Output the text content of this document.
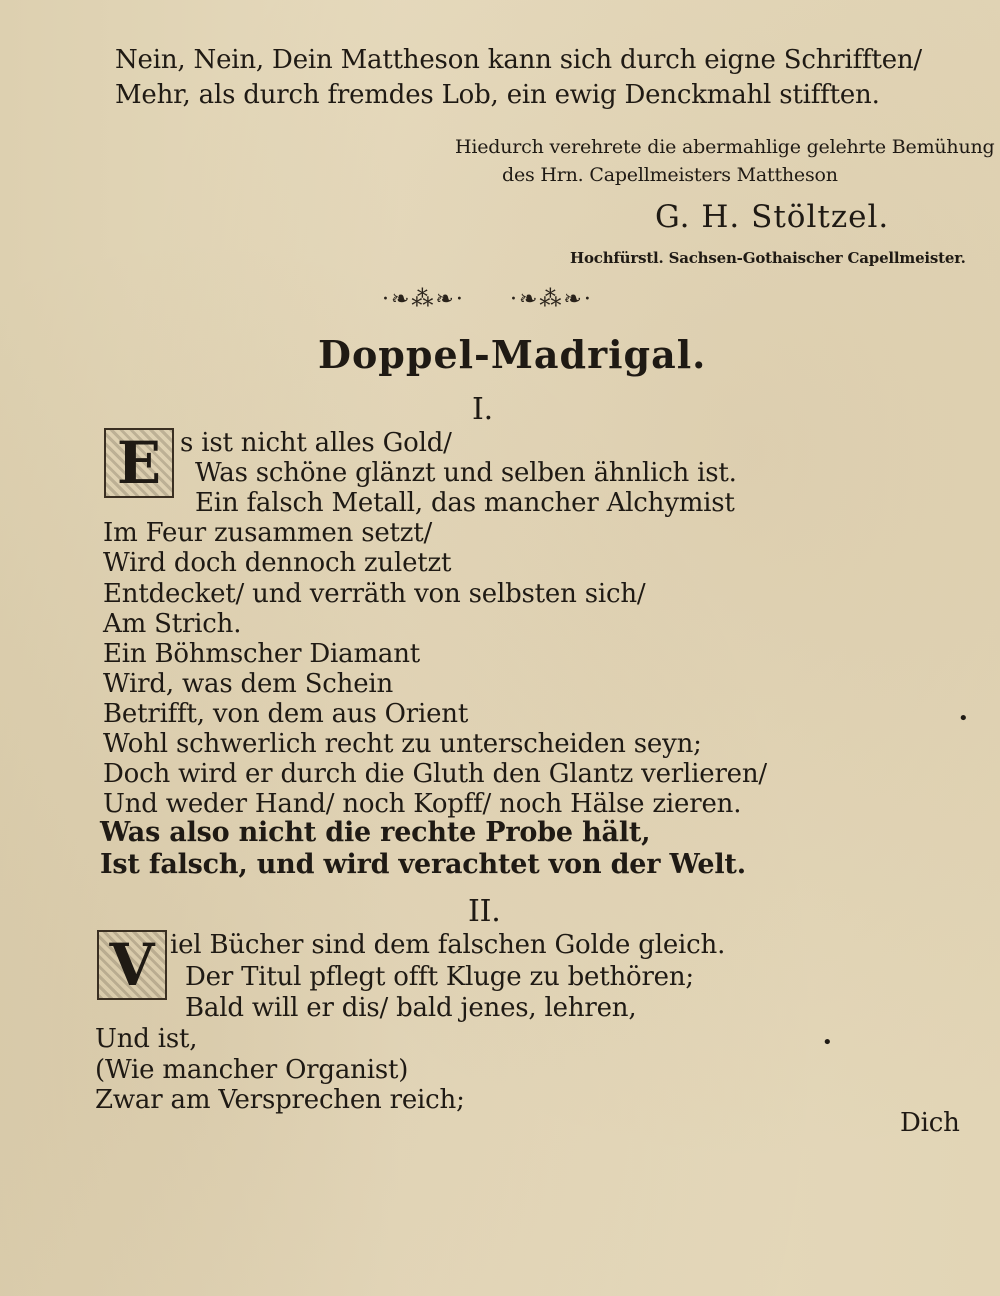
Nein, Nein, Dein Mattheson kann sich durch eigne Schrifften/
Mehr, als durch fremdes Lob, ein ewig Denckmahl stifften.
Hiedurch verehrete die abermahlige gelehrte Bemühung
des Hrn. Capellmeisters Mattheson
G. H. Stöltzel.
Hochfürstl. Sachsen-Gothaischer Capellmeister.
·❧⁂❧· ·❧⁂❧·
Doppel-Madrigal.
I.
E s ist nicht alles Gold/
Was schöne glänzt und selben ähnlich ist.
Ein falsch Metall, das mancher Alchymist
Im Feur zusammen setzt/
Wird doch dennoch zuletzt
Entdecket/ und verräth von selbsten sich/
Am Strich.
Ein Böhmscher Diamant
Wird, was dem Schein
Betrifft, von dem aus Orient
Wohl schwerlich recht zu unterscheiden seyn;
Doch wird er durch die Gluth den Glantz verlieren/
Und weder Hand/ noch Kopff/ noch Hälse zieren.
Was also nicht die rechte Probe hält,
Ist falsch, und wird verachtet von der Welt.
II.
V iel Bücher sind dem falschen Golde gleich.
Der Titul pflegt offt Kluge zu bethören;
Bald will er dis/ bald jenes, lehren,
Und ist,
(Wie mancher Organist)
Zwar am Versprechen reich;
Dich
•
•
